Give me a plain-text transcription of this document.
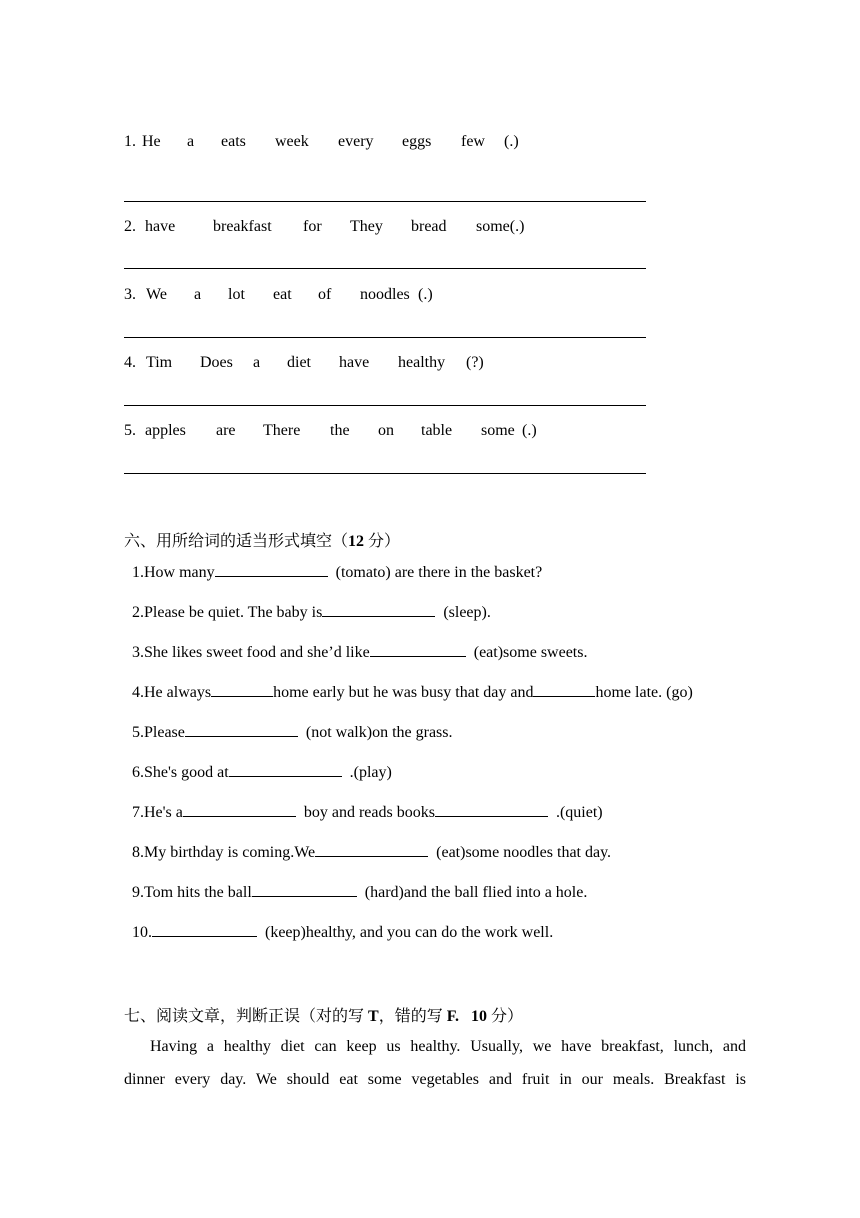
1. He a eats week every eggs few (.)
2. have breakfast for They bread some(.)
3. We a lot eat of noodles (.)
4. Tim Does a diet have healthy (?)
5. apples are There the on table some (.)
六、用所给词的适当形式填空（12 分）
1.How many	(tomato) are there in the basket?
2.Please be quiet. The baby is	(sleep).
3.She likes sweet food and she’d like	(eat)some sweets.
4.He always	home early but he was busy that day and	home late. (go)
5.Please	(not walk)on the grass.
6.She's good at	.(play)
7.He's a	boy and reads books	.(quiet)
8.My birthday is coming.We	(eat)some noodles that day.
9.Tom hits the ball	(hard)and the ball flied into a hole.
10.	(keep)healthy, and you can do the work well.
七、阅读文章，判断正误（对的写 T，错的写 F. 10 分）

Having a healthy diet can keep us healthy. Usually, we have breakfast, lunch, and

dinner every day. We should eat some vegetables and fruit in our meals. Breakfast is
